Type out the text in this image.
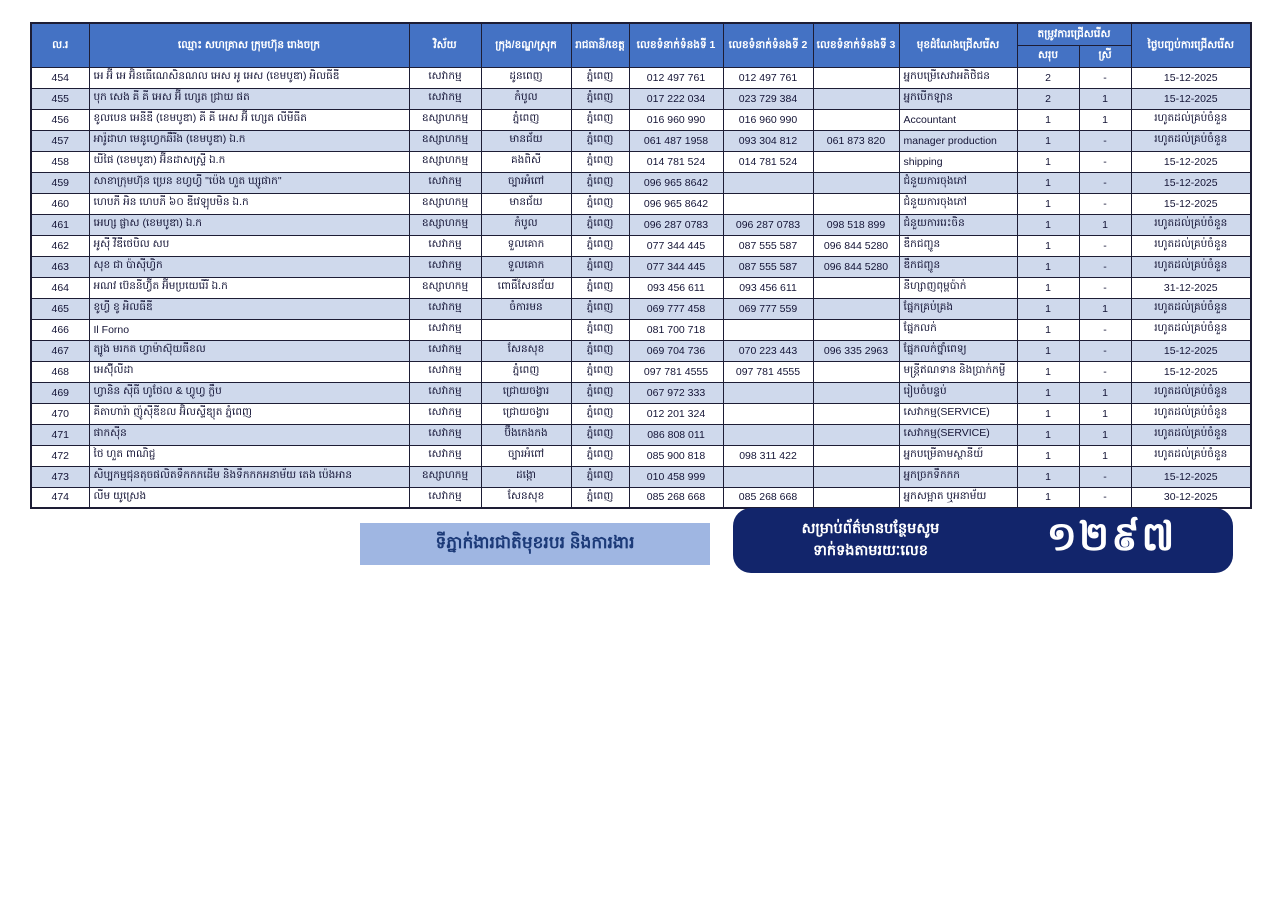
ល.រ	ឈ្មោះ សហគ្រាស ក្រុមហ៊ុន រោងចក្រ	វិស័យ	ក្រុង/ខណ្ឌ/ស្រុក	រាជធានី/ខេត្ត	លេខទំនាក់ទំនងទី 1	លេខទំនាក់ទំនងទី 2	លេខទំនាក់ទំនងទី 3	មុខដំណែងជ្រើសរើស	តម្រូវការជ្រើសរើស		ថ្ងៃបញ្ចប់ការជ្រើសរើស
									សរុប	ស្រី	
454	អេ អ៊ី អេ អ៊ិនធើណេសិនណល អេស អូ អេស (ខេមបូឌា) អិលធីឌី	សេវាកម្ម	ដូនពេញ	ភ្នំពេញ	012 497 761	012 497 761		អ្នកបម្រើសេវាអតិថិជន	2	-	15-12-2025
455	បុក សេង គី គី អេស អ៊ី ហ្សេត ជ្រាយ ផត	សេវាកម្ម	កំបូល	ភ្នំពេញ	017 222 034	023 729 384		អ្នកបើកឡាន	2	1	15-12-2025
456	ខូលបេន អេនីឌី (ខេមបូឌា) គី គី អេស អ៊ី ហ្សេត លីមីធីត	ឧស្សាហកម្ម	ភ្នំពេញ	ភ្នំពេញ	016 960 990	016 960 990		Accountant	1	1	រហូតដល់គ្រប់ចំនួន
457	អារ៉ូដាហ មេនូហ្វេកឆឺរីង (ខេមបូឌា) ឯ.ក	ឧស្សាហកម្ម	មានជ័យ	ភ្នំពេញ	061 487 1958	093 304 812	061 873 820	manager production	1	-	រហូតដល់គ្រប់ចំនួន
458	យីផៃ (ខេមបូឌា) អ៊ីនដាសស្ទ្រី ឯ.ក	ឧស្សាហកម្ម	គងពិសី	ភ្នំពេញ	014 781 524	014 781 524		shipping	1	-	15-12-2025
459	សាខាក្រុមហ៊ុន ប្រេន ខហ្វហ្វី "ប៉េង ហួត ឃ្សូផាក"	សេវាកម្ម	ច្បារអំពៅ	ភ្នំពេញ	096 965 8642			ជំនួយការចុងភៅ	1	-	15-12-2025
460	ហេបភី អិន ហេបភី ៦០ ឌីវេឡុបមិន ឯ.ក	ឧស្សាហកម្ម	មានជ័យ	ភ្នំពេញ	096 965 8642			ជំនួយការចុងភៅ	1	-	15-12-2025
461	អេហ្ស ផ្លាស (ខេមបូឌា) ឯ.ក	ឧស្សាហកម្ម	កំបូល	ភ្នំពេញ	096 287 0783	096 287 0783	098 518 899	ជំនួយការរេះចិន	1	1	រហូតដល់គ្រប់ចំនួន
462	អូស៊ី វីឌីថេបិល សប	សេវាកម្ម	ទួលគោក	ភ្នំពេញ	077 344 445	087 555 587	096 844 5280	ឌឹកជញ្ជូន	1	-	រហូតដល់គ្រប់ចំនួន
463	សុខ ជា ប៉ាស៊ីហ្វិក	សេវាកម្ម	ទួលគោក	ភ្នំពេញ	077 344 445	087 555 587	096 844 5280	ឌឹកជញ្ជូន	1	-	រហូតដល់គ្រប់ចំនួន
464	អណវ ប៊េននីហ្វ៊ីត អ៊ីមប្រយេរើរី ឯ.ក	ឧស្សាហកម្ម	ពោធិ៍សែនជ័យ	ភ្នំពេញ	093 456 611	093 456 611		នីហ្សាញពុម្ពប៉ាក់	1	-	31-12-2025
465	ខូហ្វី ខូ អិលធីឌី	សេវាកម្ម	ចំការមន	ភ្នំពេញ	069 777 458	069 777 559		ផ្នែកគ្រប់គ្រង	1	1	រហូតដល់គ្រប់ចំនួន
466	Il Forno	សេវាកម្ម		ភ្នំពេញ	081 700 718			ផ្នែកលក់	1	-	រហូតដល់គ្រប់ចំនួន
467	ត្បូង មរកត ហ្វាម៉ាស៊ុយធីខល	សេវាកម្ម	សែនសុខ	ភ្នំពេញ	069 704 736	070 223 443	096 335 2963	ផ្នែកលក់ថ្នាំពេទ្យ	1	-	15-12-2025
468	អេស៊ុីលីដា	សេវាកម្ម	ភ្នំពេញ	ភ្នំពេញ	097 781 4555	097 781 4555		មន្ត្រីឥណទាន និងប្រាក់កម្ចី	1	-	15-12-2025
469	ហ្វានិន ស៊ីធី ហូថែល & ហ្វូហ្វ ក្លឹប	សេវាកម្ម	ជ្រោយចង្វារ	ភ្នំពេញ	067 972 333			រៀបចំបន្ទប់	1	1	រហូតដល់គ្រប់ចំនួន
470	គីតាហារ៉ា ញ៉ូស៊ីឌីខល អ៊ិលស្ទីឌ្យុត ភ្នំពេញ	សេវាកម្ម	ជ្រោយចង្វារ	ភ្នំពេញ	012 201 324			សេវាកម្ម(SERVICE)	1	1	រហូតដល់គ្រប់ចំនួន
471	ផាកស៊ីន	សេវាកម្ម	ប៊ឹងកេងកង	ភ្នំពេញ	086 808 011			សេវាកម្ម(SERVICE)	1	1	រហូតដល់គ្រប់ចំនួន
472	ថៃ ហួត ពាណិជ្ជ	សេវាកម្ម	ច្បារអំពៅ	ភ្នំពេញ	085 900 818	098 311 422		អ្នកបម្រើតាមស្ថានីយ៍	1	1	រហូតដល់គ្រប់ចំនួន
473	សិប្បកម្មជុនតុចផលិតទឹកកកដើម និងទឹកកកអនាម័យ តេង ប៉េងអាន	ឧស្សាហកម្ម	ដង្កោ	ភ្នំពេញ	010 458 999			អ្នកច្រកទឹកកក	1	-	15-12-2025
474	លីម យូស្រេង	សេវាកម្ម	សែនសុខ	ភ្នំពេញ	085 268 668	085 268 668		អ្នកសម្អាត ឬអនាម័យ	1	-	30-12-2025
ទីភ្នាក់ងារជាតិមុខរបរ និងការងារ
សម្រាប់ព័ត៌មានបន្ថែមសូម
ទាក់ទងតាមរយៈលេខ	១២៩៧
